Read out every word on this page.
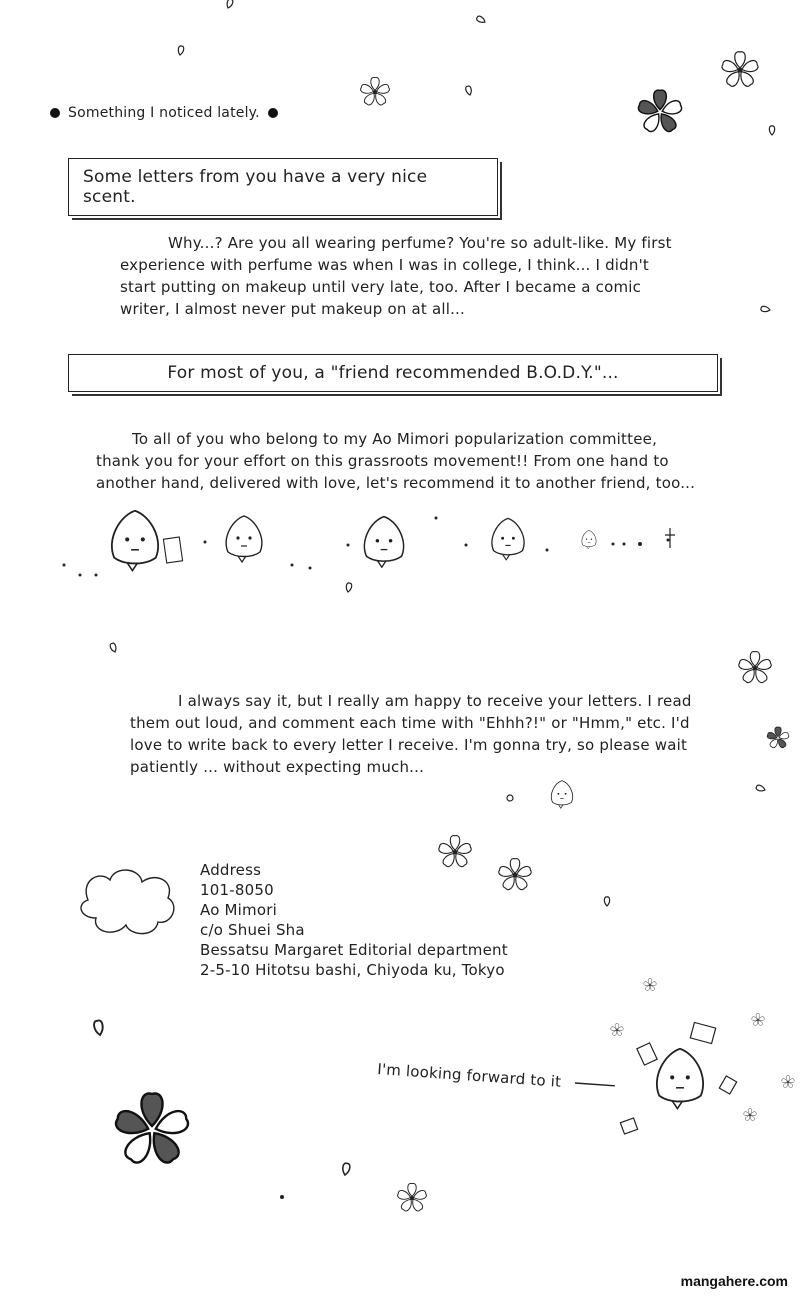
Something I noticed lately.
Some letters from you have a very nice scent.

Why...? Are you all wearing perfume? You're so adult-like. My first

experience with perfume was when I was in college, I think... I didn't

start putting on makeup until very late, too. After I became a comic

writer, I almost never put makeup on at all...

For most of you, a "friend recommended B.O.D.Y."...

To all of you who belong to my Ao Mimori popularization committee,

thank you for your effort on this grassroots movement!! From one hand to

another hand, delivered with love, let's recommend it to another friend, too...

I always say it, but I really am happy to receive your letters. I read

them out loud, and comment each time with "Ehhh?!" or "Hmm," etc. I'd

love to write back to every letter I receive. I'm gonna try, so please wait

patiently ... without expecting much...

Address
101-8050
Ao Mimori
c/o Shuei Sha
Bessatsu Margaret Editorial department
2-5-10 Hitotsu bashi, Chiyoda ku, Tokyo
I'm looking forward to it
mangahere.com
